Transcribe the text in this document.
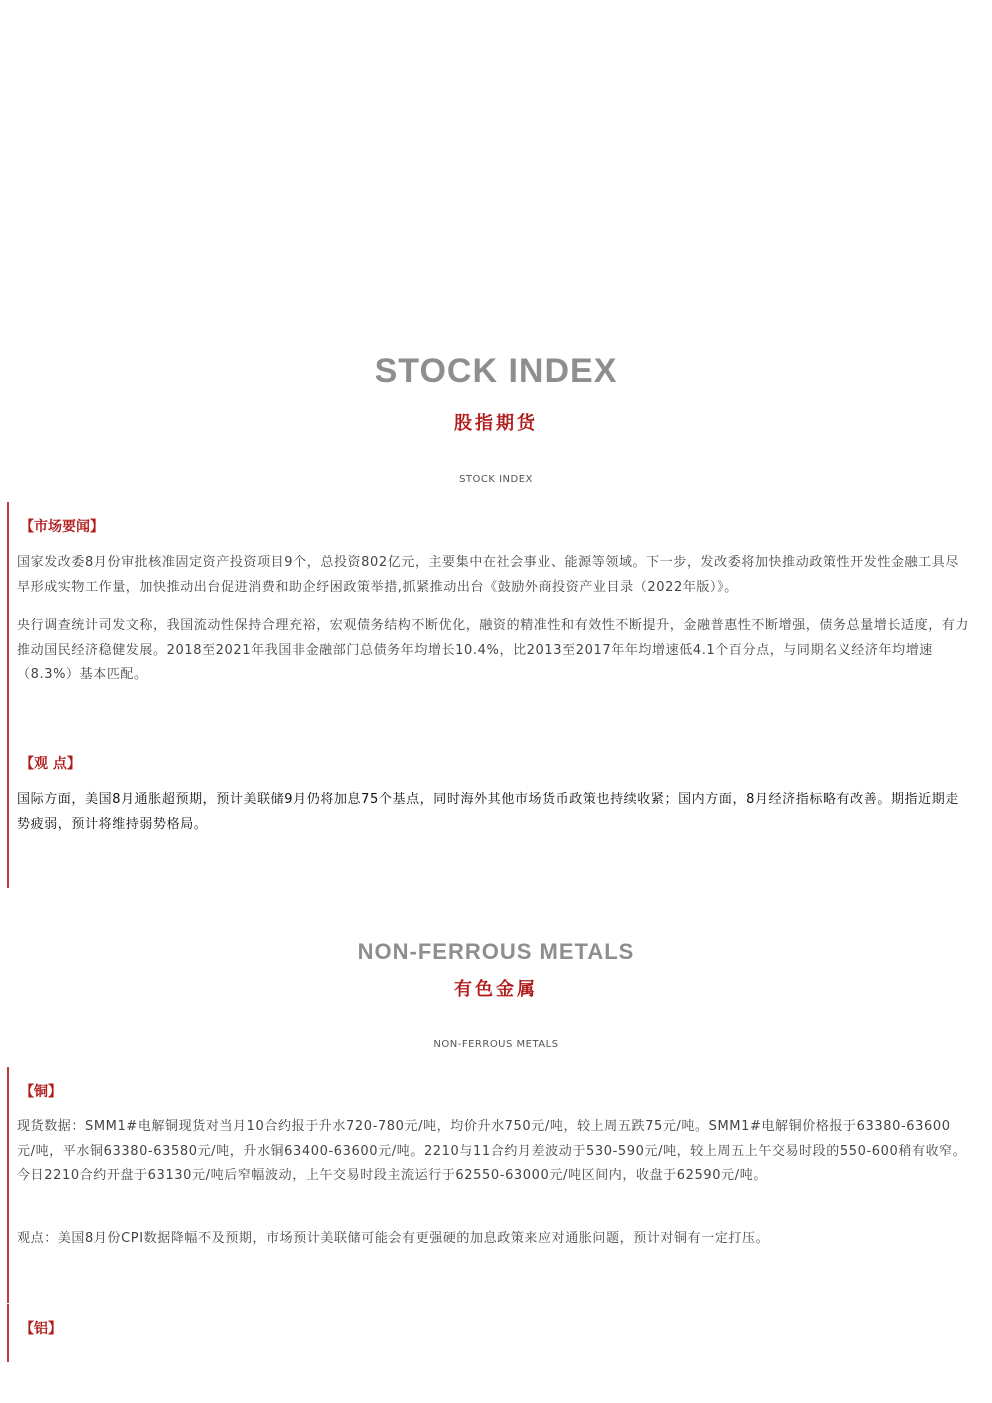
STOCK INDEX
股指期货
STOCK INDEX
【市场要闻】

国家发改委8月份审批核准固定资产投资项目9个，总投资802亿元，主要集中在社会事业、能源等领域。下一步，发改委将加快推动政策性开发性金融工具尽早形成实物工作量，加快推动出台促进消费和助企纾困政策举措,抓紧推动出台《鼓励外商投资产业目录（2022年版）》。

央行调查统计司发文称，我国流动性保持合理充裕，宏观债务结构不断优化，融资的精准性和有效性不断提升，金融普惠性不断增强，债务总量增长适度，有力推动国民经济稳健发展。2018至2021年我国非金融部门总债务年均增长10.4%，比2013至2017年年均增速低4.1个百分点，与同期名义经济年均增速（8.3%）基本匹配。

【观 点】

国际方面，美国8月通胀超预期，预计美联储9月仍将加息75个基点，同时海外其他市场货币政策也持续收紧；国内方面，8月经济指标略有改善。期指近期走势疲弱，预计将维持弱势格局。

NON-FERROUS METALS
有色金属
NON-FERROUS METALS
【铜】

现货数据：SMM1#电解铜现货对当月10合约报于升水720-780元/吨，均价升水750元/吨，较上周五跌75元/吨。SMM1#电解铜价格报于63380-63600元/吨，平水铜63380-63580元/吨，升水铜63400-63600元/吨。2210与11合约月差波动于530-590元/吨，较上周五上午交易时段的550-600稍有收窄。今日2210合约开盘于63130元/吨后窄幅波动，上午交易时段主流运行于62550-63000元/吨区间内，收盘于62590元/吨。

观点：美国8月份CPI数据降幅不及预期，市场预计美联储可能会有更强硬的加息政策来应对通胀问题，预计对铜有一定打压。

【铝】
